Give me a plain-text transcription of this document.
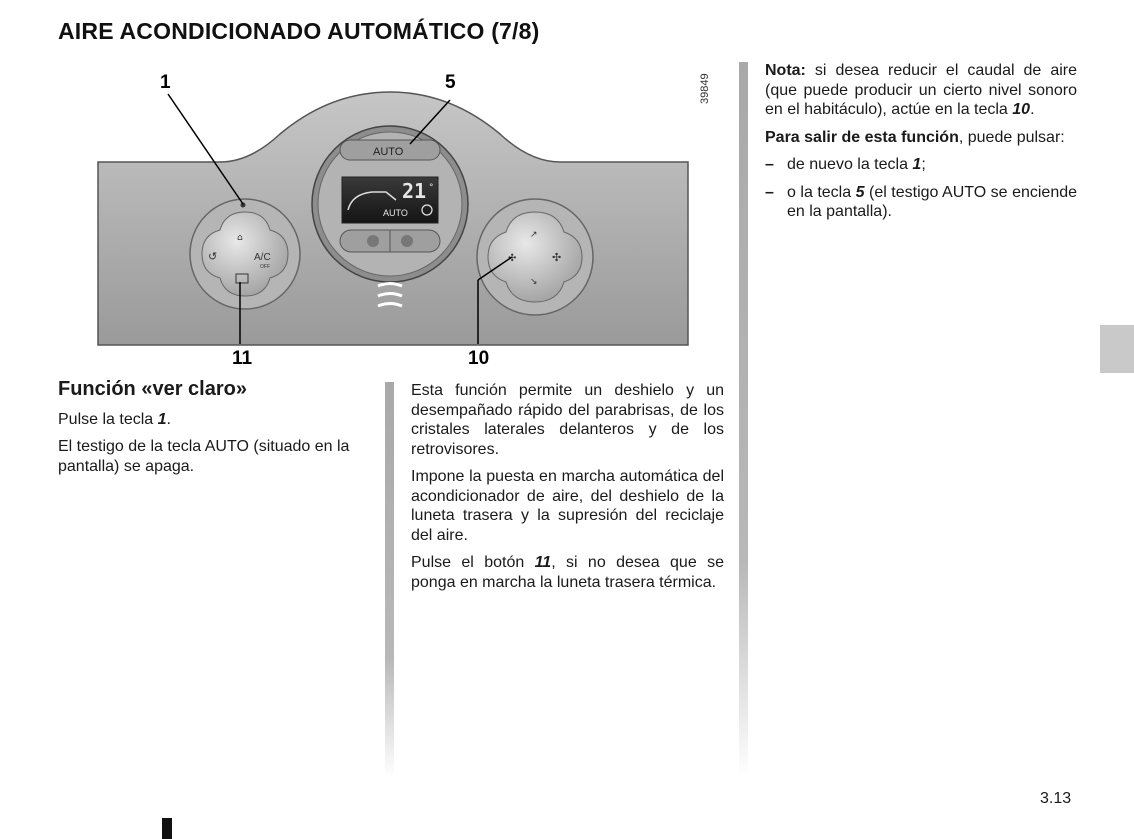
AIRE ACONDICIONADO AUTOMÁTICO (7/8)
⌂
↺	A/C
OFF
↗
✣	✣
↘
AUTO
21 °
AUTO
1	5
11	10
39849
Función «ver claro»

Pulse la tecla 1.

El testigo de la tecla AUTO (situado en la pantalla) se apaga.

Esta función permite un deshielo y un desempañado rápido del parabrisas, de los cristales laterales delanteros y de los retrovisores.

Impone la puesta en marcha automática del acondicionador de aire, del deshielo de la luneta trasera y la supresión del reciclaje del aire.

Pulse el botón 11, si no desea que se ponga en marcha la luneta trasera térmica.

Nota: si desea reducir el caudal de aire (que puede producir un cierto nivel sonoro en el habitáculo), actúe en la tecla 10.

Para salir de esta función, puede pulsar:

– de nuevo la tecla 1;
– o la tecla 5 (el testigo AUTO se enciende en la pantalla).
3.13
